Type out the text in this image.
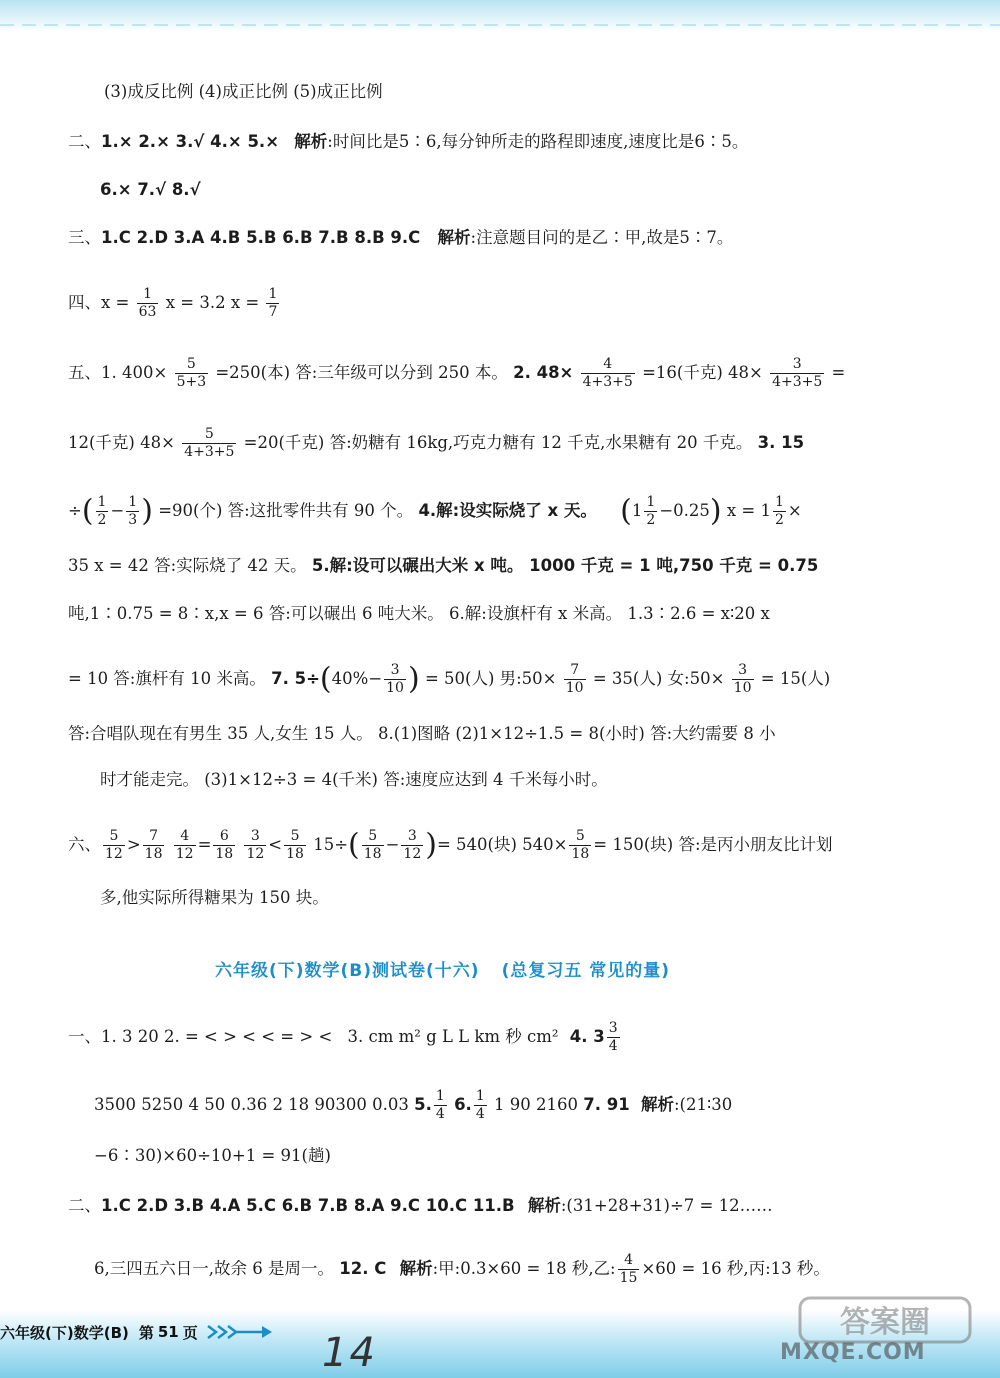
(3)成反比例 (4)成正比例 (5)成正比例
二、1.× 2.× 3.√ 4.× 5.× 解析:时间比是5∶6,每分钟所走的路程即速度,速度比是6∶5。
6.× 7.√ 8.√
三、1.C 2.D 3.A 4.B 5.B 6.B 7.B 8.B 9.C 解析:注意题目问的是乙∶甲,故是5∶7。
四、$x = \frac{1}{63}$ x = 3.2 $x = \frac{1}{7}$
五、1. $400\times \frac{5}{5+3} =250$(本) 答:三年级可以分到 250 本。 2. $48\times \frac{4}{4+3+5} =16$(千克) $48\times \frac{3}{4+3+5}$ =
12(千克) $48\times \frac{5}{4+3+5} =20$(千克) 答:奶糖有 16kg,巧克力糖有 12 千克,水果糖有 20 千克。 3. 15
÷( $\frac{1}{2} - \frac{1}{3}$ ) =90(个) 答:这批零件共有 90 个。 4.解:设实际烧了 x 天。 $(1 \frac{1}{2} -0.25)$ $x = 1 \frac{1}{2}$ ×
35 x = 42 答:实际烧了 42 天。 5.解:设可以碾出大米 x 吨。 1000 千克 = 1 吨,750 千克 = 0.75
吨,1∶0.75 = 8∶x,x = 6 答:可以碾出 6 吨大米。 6.解:设旗杆有 x 米高。 1.3∶2.6 = x∶20 x
= 10 答:旗杆有 10 米高。 7. $5\div(40\%- \frac{3}{10}$ ) = 50(人) 男:50× $\frac{7}{10} = 35$(人) 女:50× $\frac{3}{10} = 15$(人)
答:合唱队现在有男生 35 人,女生 15 人。 8.(1)图略 (2)1×12÷1.5 = 8(小时) 答:大约需要 8 小
时才能走完。 (3)1×12÷3 = 4(千米) 答:速度应达到 4 千米每小时。
六、 $\frac{5}{12} > \frac{7}{18}$
$\frac{4}{12} = \frac{6}{18}$
$\frac{3}{12} < \frac{5}{18} 15\div( \frac{5}{18} - \frac{3}{12}$ )= 540(块) $540\times \frac{5}{18} = 150$(块) 答:是丙小朋友比计划
多,他实际所得糖果为 150 块。
六年级(下)数学(B)测试卷(十六) (总复习五 常见的量)
一、1. 3 20 2. = < > < < = > < 3. cm m² g L L km 秒 cm² 4. $3 \frac{3}{4}$
3500 5250 4 50 0.36 2 18 90300 0.03 5. $\frac{1}{4} 6$. $\frac{1}{4} 1$ 90 2160 7. 91 解析:(21∶30
−6∶30)×60÷10+1 = 91(趟)
二、1.C 2.D 3.B 4.A 5.C 6.B 7.B 8.A 9.C 10.C 11.B 解析:(31+28+31)÷7 = 12……
6,三四五六日一,故余 6 是周一。 12. C 解析:甲:0.3×60 = 18 秒,乙: $\frac{4}{15} \times 60 = 16$ 秒,丙:13 秒。
六年级(下)数学(B) 第 51 页	14
答案圈
MXQE.COM
